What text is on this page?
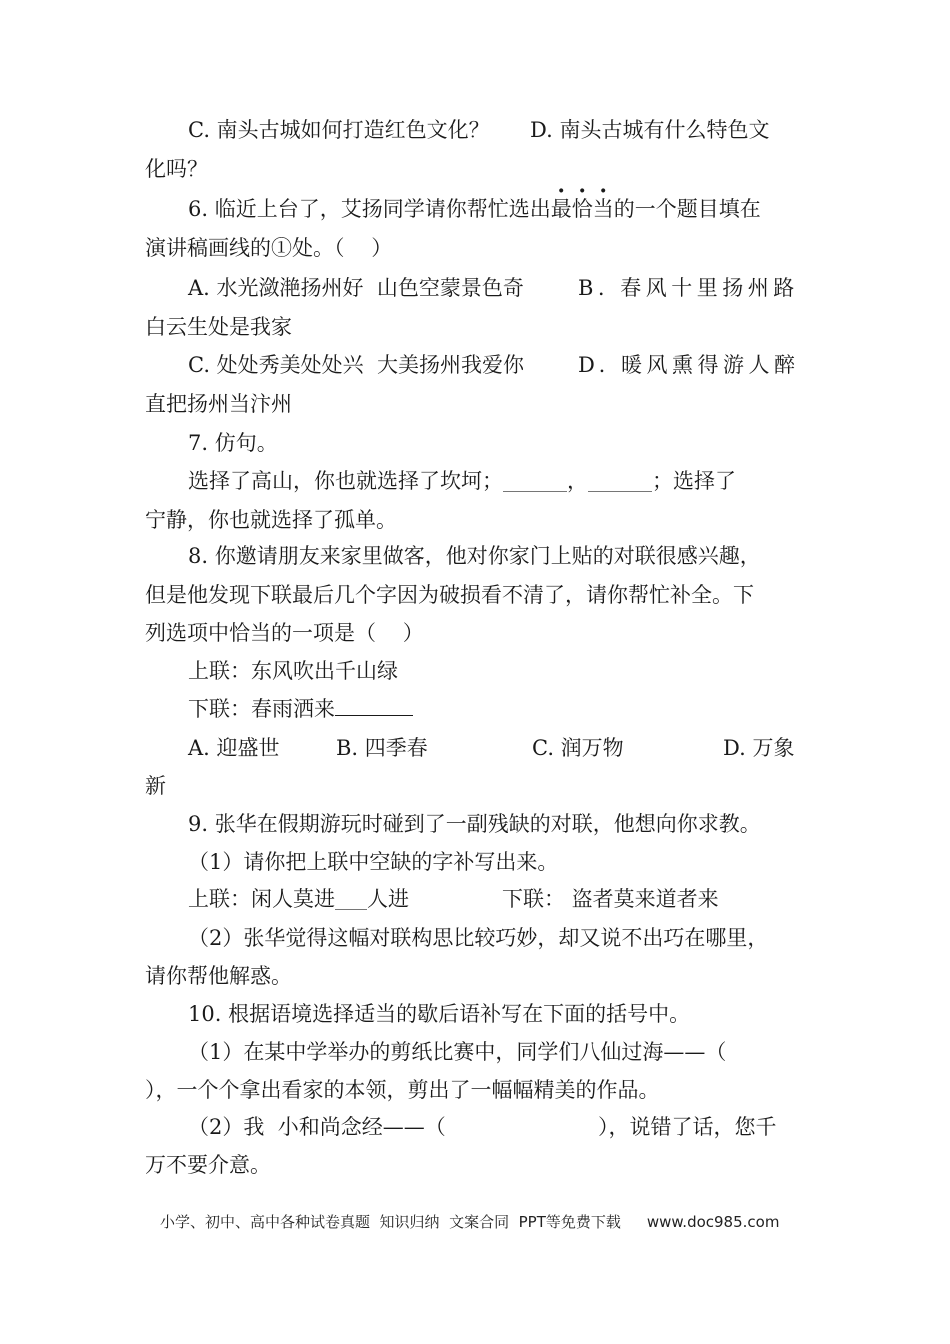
C. 南头古城如何打造红色文化？ D. 南头古城有什么特色文
化吗？
6. 临近上台了，艾扬同学请你帮忙选出最恰当的一个题目填在
演讲稿画线的①处。（    ）
A. 水光潋滟扬州好  山色空蒙景色奇	B. 春风十里扬州路
白云生处是我家
C. 处处秀美处处兴  大美扬州我爱你	D. 暖风熏得游人醉
直把扬州当汴州
7. 仿句。
选择了高山，你也就选择了坎坷；________，________；选择了
宁静，你也就选择了孤单。
8. 你邀请朋友来家里做客，他对你家门上贴的对联很感兴趣，
但是他发现下联最后几个字因为破损看不清了，请你帮忙补全。下
列选项中恰当的一项是（    ）
上联：东风吹出千山绿
下联：春雨洒来
A. 迎盛世	B. 四季春	C. 润万物	D. 万象
新
9. 张华在假期游玩时碰到了一副残缺的对联，他想向你求教。
（1）请你把上联中空缺的字补写出来。
上联：闲人莫进____人进	下联： 盗者莫来道者来
（2）张华觉得这幅对联构思比较巧妙，却又说不出巧在哪里，
请你帮他解惑。
10. 根据语境选择适当的歇后语补写在下面的括号中。
（1）在某中学举办的剪纸比赛中，同学们八仙过海——（
），一个个拿出看家的本领，剪出了一幅幅精美的作品。
（2）我  小和尚念经——（	），说错了话，您千
万不要介意。
小学、初中、高中各种试卷真题  知识归纳  文案合同  PPT等免费下载 www.doc985.com
